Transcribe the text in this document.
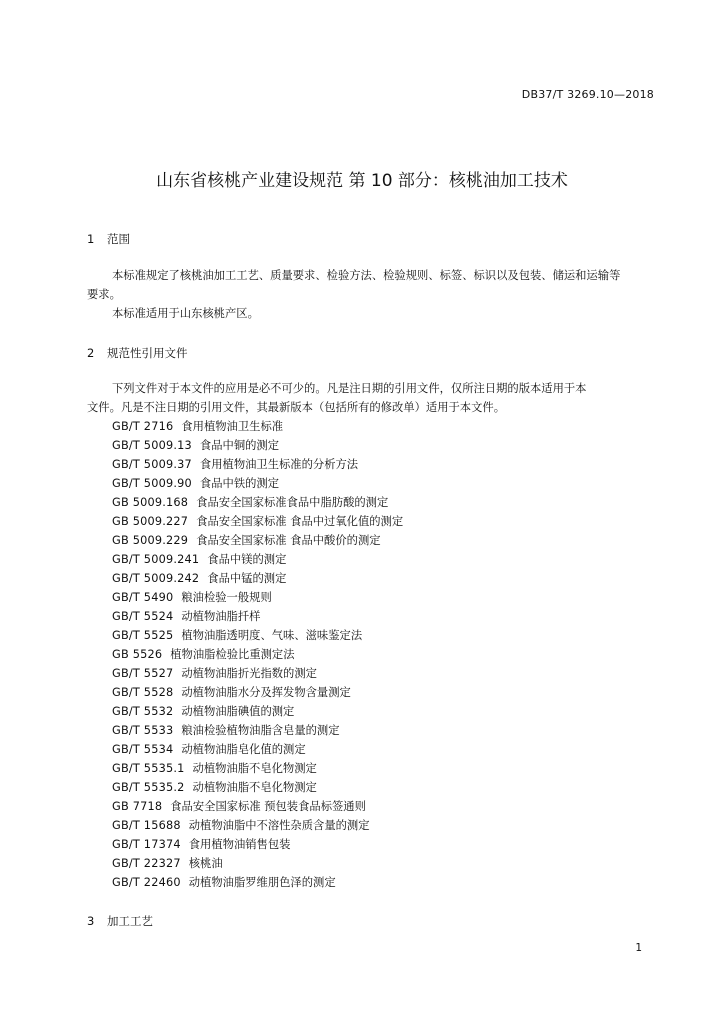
DB37/T 3269.10—2018
山东省核桃产业建设规范 第 10 部分：核桃油加工技术
1 范围
本标准规定了核桃油加工工艺、质量要求、检验方法、检验规则、标签、标识以及包装、储运和运输等
要求。
本标准适用于山东核桃产区。
2 规范性引用文件
下列文件对于本文件的应用是必不可少的。凡是注日期的引用文件，仅所注日期的版本适用于本
文件。凡是不注日期的引用文件，其最新版本（包括所有的修改单）适用于本文件。
GB/T 2716 食用植物油卫生标准
GB/T 5009.13 食品中铜的测定
GB/T 5009.37 食用植物油卫生标准的分析方法
GB/T 5009.90 食品中铁的测定
GB 5009.168 食品安全国家标准食品中脂肪酸的测定
GB 5009.227 食品安全国家标准 食品中过氧化值的测定
GB 5009.229 食品安全国家标准 食品中酸价的测定
GB/T 5009.241 食品中镁的测定
GB/T 5009.242 食品中锰的测定
GB/T 5490 粮油检验一般规则
GB/T 5524 动植物油脂扦样
GB/T 5525 植物油脂透明度、气味、滋味鉴定法
GB 5526 植物油脂检验比重测定法
GB/T 5527 动植物油脂折光指数的测定
GB/T 5528 动植物油脂水分及挥发物含量测定
GB/T 5532 动植物油脂碘值的测定
GB/T 5533 粮油检验植物油脂含皂量的测定
GB/T 5534 动植物油脂皂化值的测定
GB/T 5535.1 动植物油脂不皂化物测定
GB/T 5535.2 动植物油脂不皂化物测定
GB 7718 食品安全国家标准 预包装食品标签通则
GB/T 15688 动植物油脂中不溶性杂质含量的测定
GB/T 17374 食用植物油销售包装
GB/T 22327 核桃油
GB/T 22460 动植物油脂罗维朋色泽的测定
3 加工工艺
1
